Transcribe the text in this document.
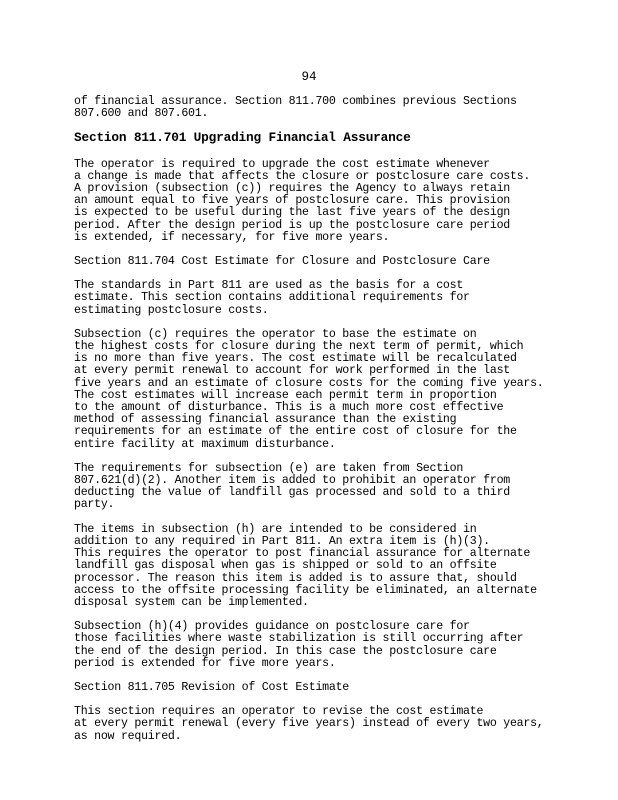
94

of financial assurance. Section 811.700 combines previous Sections
807.600 and 807.601.

Section 811.701 Upgrading Financial Assurance

The operator is required to upgrade the cost estimate whenever
a change is made that affects the closure or postclosure care costs.
A provision (subsection (c)) requires the Agency to always retain
an amount equal to five years of postclosure care. This provision
is expected to be useful during the last five years of the design
period. After the design period is up the postclosure care period
is extended, if necessary, for five more years.

Section 811.704 Cost Estimate for Closure and Postclosure Care

The standards in Part 811 are used as the basis for a cost
estimate. This section contains additional requirements for
estimating postclosure costs.

Subsection (c) requires the operator to base the estimate on
the highest costs for closure during the next term of permit, which
is no more than five years. The cost estimate will be recalculated
at every permit renewal to account for work performed in the last
five years and an estimate of closure costs for the coming five years.
The cost estimates will increase each permit term in proportion
to the amount of disturbance. This is a much more cost effective
method of assessing financial assurance than the existing
requirements for an estimate of the entire cost of closure for the
entire facility at maximum disturbance.

The requirements for subsection (e) are taken from Section
807.621(d)(2). Another item is added to prohibit an operator from
deducting the value of landfill gas processed and sold to a third
party.

The items in subsection (h) are intended to be considered in
addition to any required in Part 811. An extra item is (h)(3).
This requires the operator to post financial assurance for alternate
landfill gas disposal when gas is shipped or sold to an offsite
processor. The reason this item is added is to assure that, should
access to the offsite processing facility be eliminated, an alternate
disposal system can be implemented.

Subsection (h)(4) provides guidance on postclosure care for
those facilities where waste stabilization is still occurring after
the end of the design period. In this case the postclosure care
period is extended for five more years.

Section 811.705 Revision of Cost Estimate

This section requires an operator to revise the cost estimate
at every permit renewal (every five years) instead of every two years,
as now required.
